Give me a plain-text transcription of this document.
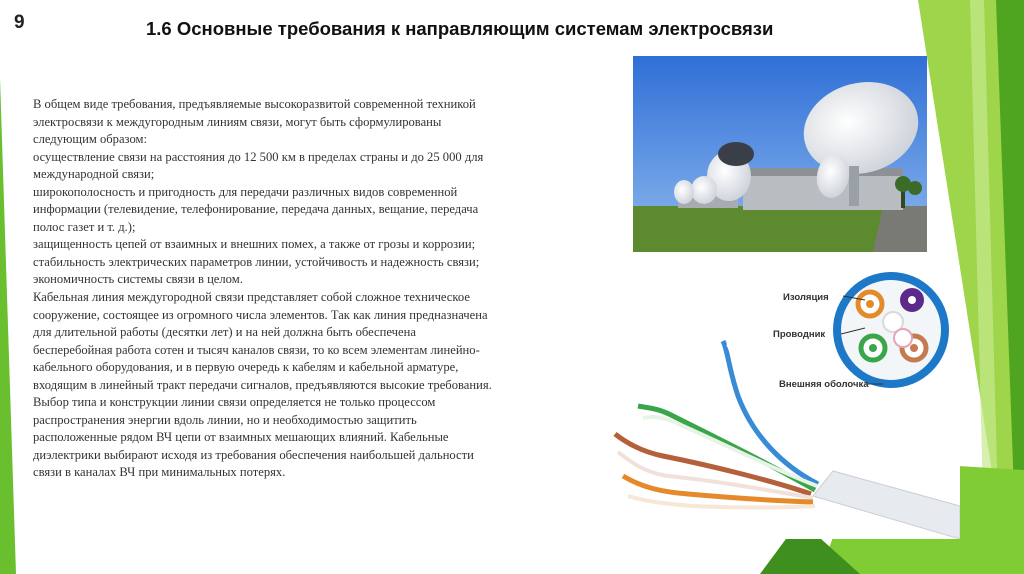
9	1.6 Основные требования к направляющим системам электросвязи
В общем виде требования, предъявляемые высокоразвитой современной техникой
электросвязи к междугородным линиям связи, могут быть сформулированы
следующим образом:
осуществление связи на расстояния до 12 500 км в пределах страны и до 25 000 для
международной связи;
широкополосность и пригодность для передачи различных видов современной
информации (телевидение, телефонирование, передача данных, вещание, передача
полос газет и т. д.);
защищенность цепей от взаимных и внешних помех, а также от грозы и коррозии;
стабильность электрических параметров линии, устойчивость и надежность связи;
экономичность системы связи в целом.
Кабельная линия междугородной связи представляет собой сложное техническое
сооружение, состоящее из огромного числа элементов. Так как линия предназначена
для длительной работы (десятки лет) и на ней должна быть обеспечена
бесперебойная работа сотен и тысяч каналов связи, то ко всем элементам линейно-
кабельного оборудования, и в первую очередь к кабелям и кабельной арматуре,
входящим в линейный тракт передачи сигналов, предъявляются высокие требования.
Выбор типа и конструкции линии связи определяется не только процессом
распространения энергии вдоль линии, но и необходимостью защитить
расположенные рядом ВЧ цепи от взаимных мешающих влияний. Кабельные
диэлектрики выбирают исходя из требования обеспечения наибольшей дальности
связи в каналах ВЧ при минимальных потерях.
Изоляция
Проводник
Внешняя оболочка
